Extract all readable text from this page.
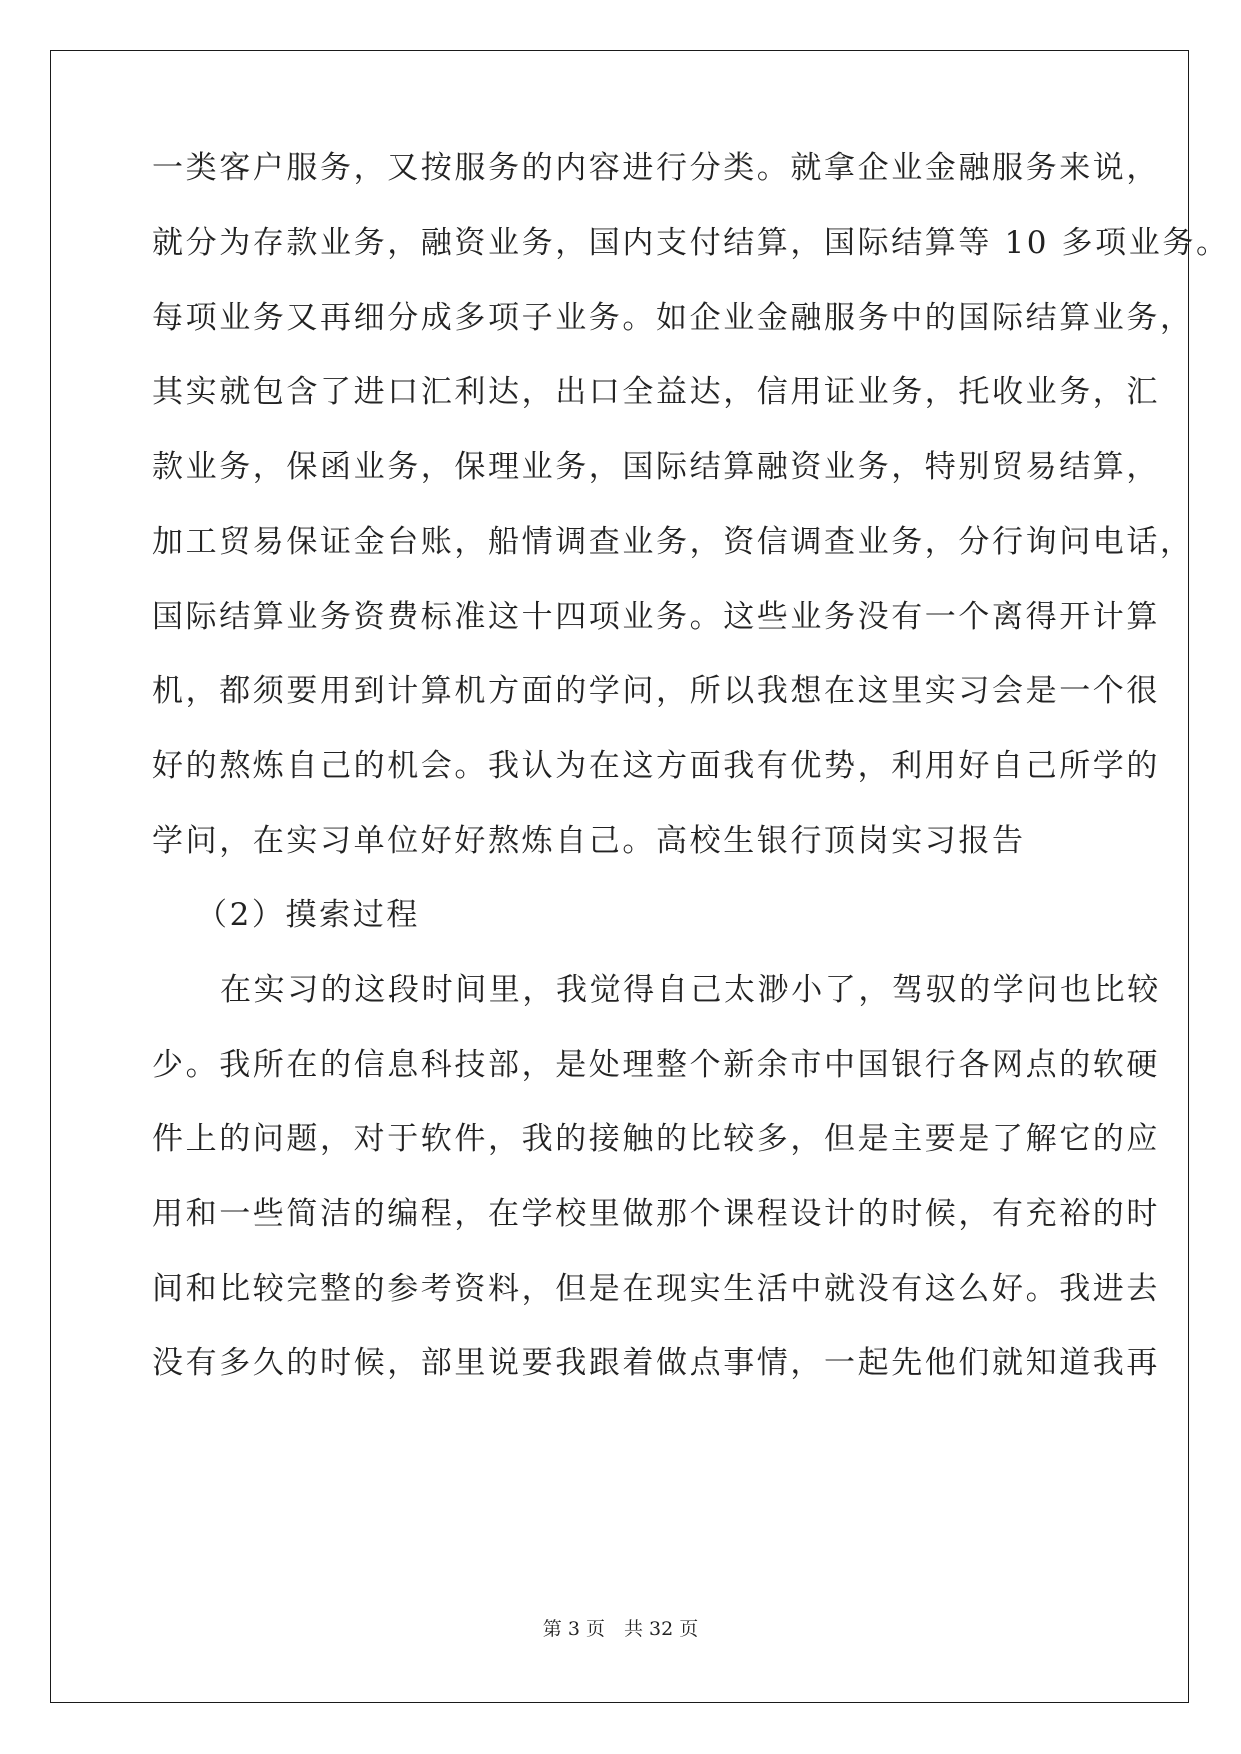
一类客户服务，又按服务的内容进行分类。就拿企业金融服务来说，
就分为存款业务，融资业务，国内支付结算，国际结算等 10 多项业务。
每项业务又再细分成多项子业务。如企业金融服务中的国际结算业务，
其实就包含了进口汇利达，出口全益达，信用证业务，托收业务，汇
款业务，保函业务，保理业务，国际结算融资业务，特别贸易结算，
加工贸易保证金台账，船情调查业务，资信调查业务，分行询问电话，
国际结算业务资费标准这十四项业务。这些业务没有一个离得开计算
机，都须要用到计算机方面的学问，所以我想在这里实习会是一个很
好的熬炼自己的机会。我认为在这方面我有优势，利用好自己所学的
学问，在实习单位好好熬炼自己。高校生银行顶岗实习报告
（2）摸索过程
在实习的这段时间里，我觉得自己太渺小了，驾驭的学问也比较
少。我所在的信息科技部，是处理整个新余市中国银行各网点的软硬
件上的问题，对于软件，我的接触的比较多，但是主要是了解它的应
用和一些简洁的编程，在学校里做那个课程设计的时候，有充裕的时
间和比较完整的参考资料，但是在现实生活中就没有这么好。我进去
没有多久的时候，部里说要我跟着做点事情，一起先他们就知道我再
第 3 页　共 32 页
